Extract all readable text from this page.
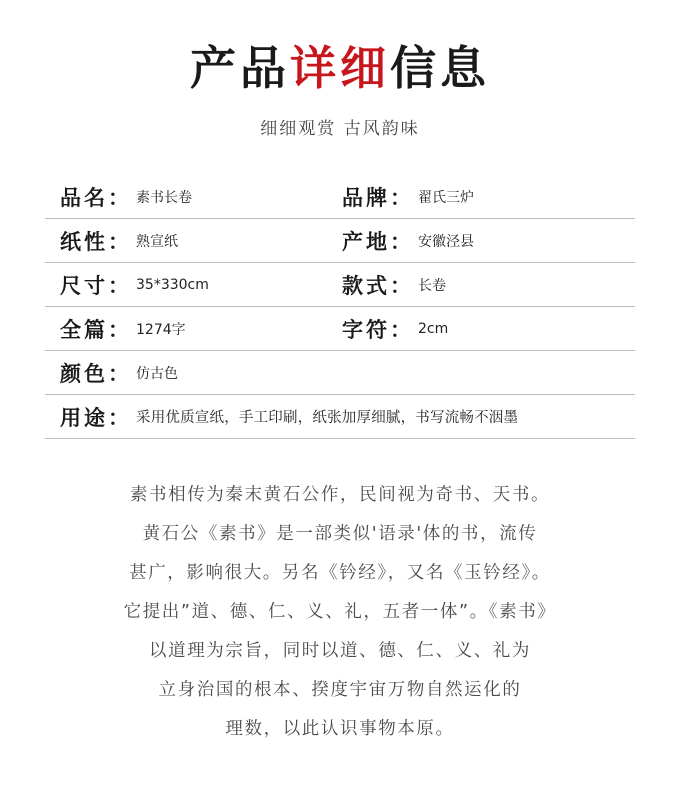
产品详细信息
细细观赏 古风韵味
品名： 素书长卷	品牌： 翟氏三炉
纸性： 熟宣纸	产地： 安徽泾县
尺寸： 35*330cm	款式： 长卷
全篇： 1274字	字符： 2cm
颜色： 仿古色
用途： 采用优质宣纸，手工印刷，纸张加厚细腻，书写流畅不洇墨
素书相传为秦末黄石公作，民间视为奇书、天书。
黄石公《素书》是一部类似'语录'体的书，流传
甚广，影响很大。另名《钤经》，又名《玉钤经》。
它提出”道、德、仁、义、礼，五者一体”。《素书》
以道理为宗旨，同时以道、德、仁、义、礼为
立身治国的根本、揆度宇宙万物自然运化的
理数，以此认识事物本原。
